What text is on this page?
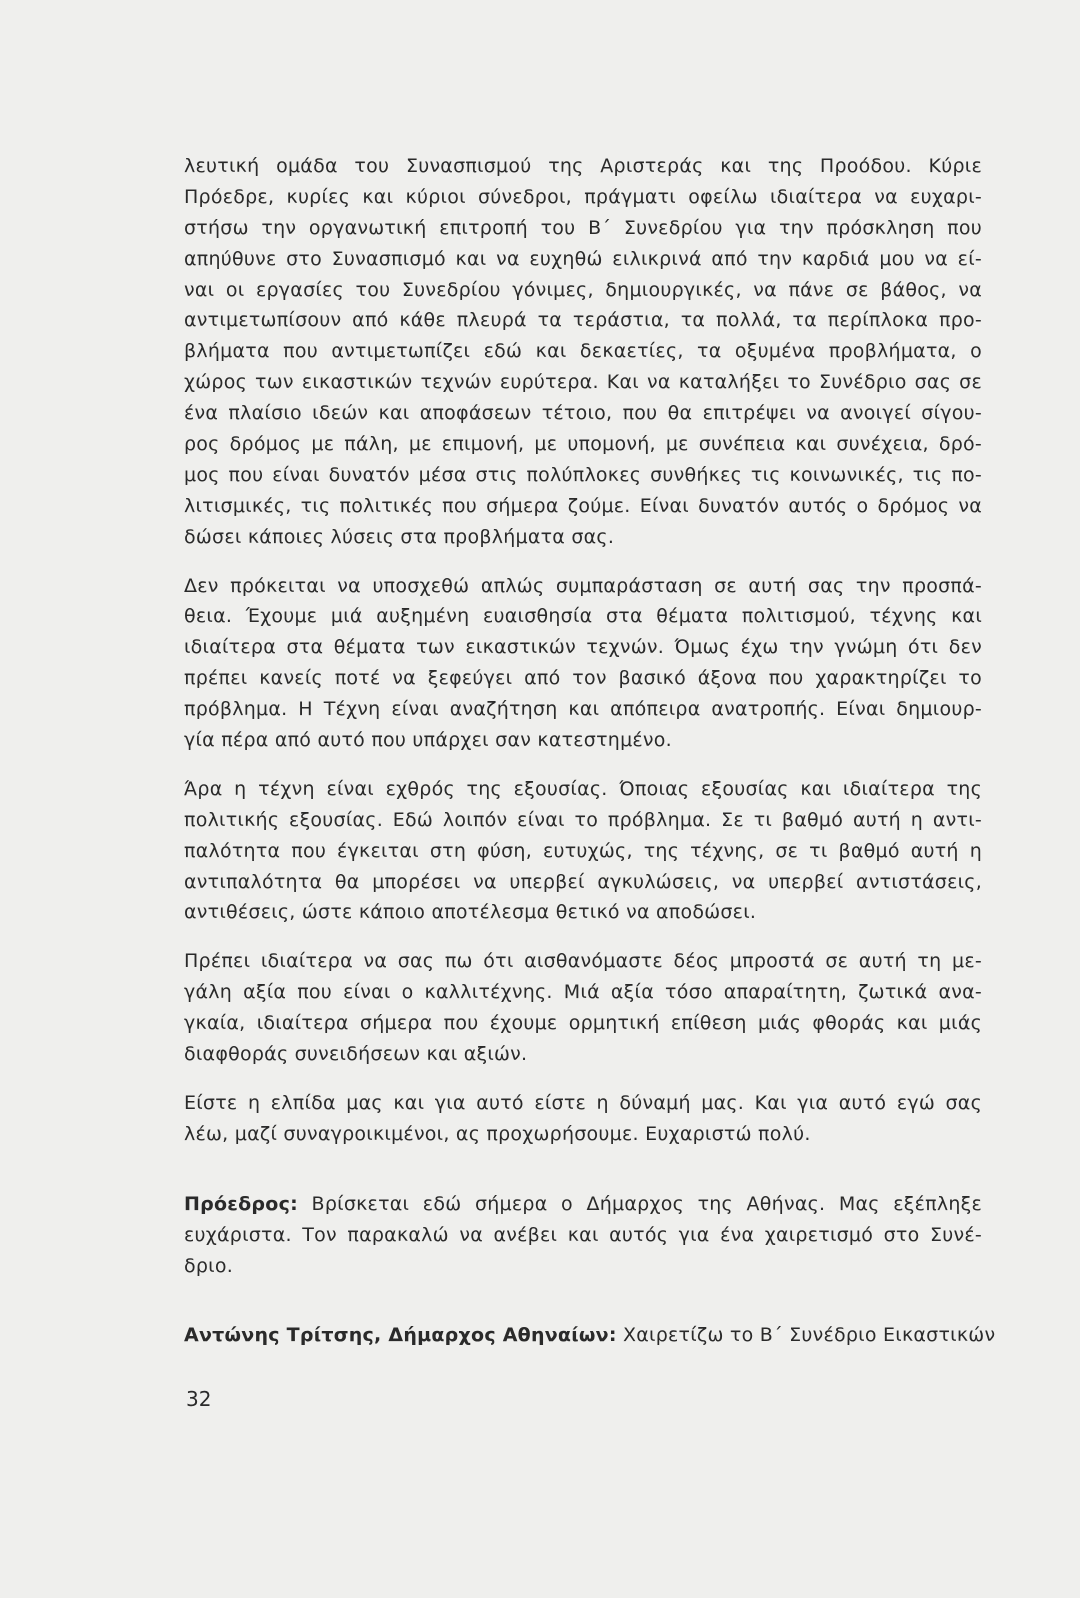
λευτική ομάδα του Συνασπισμού της Αριστεράς και της Προόδου. Κύριε
Πρόεδρε, κυρίες και κύριοι σύνεδροι, πράγματι οφείλω ιδιαίτερα να ευχαρι-
στήσω την οργανωτική επιτροπή του Β΄ Συνεδρίου για την πρόσκληση που
απηύθυνε στο Συνασπισμό και να ευχηθώ ειλικρινά από την καρδιά μου να εί-
ναι οι εργασίες του Συνεδρίου γόνιμες, δημιουργικές, να πάνε σε βάθος, να
αντιμετωπίσουν από κάθε πλευρά τα τεράστια, τα πολλά, τα περίπλοκα προ-
βλήματα που αντιμετωπίζει εδώ και δεκαετίες, τα οξυμένα προβλήματα, ο
χώρος των εικαστικών τεχνών ευρύτερα. Και να καταλήξει το Συνέδριο σας σε
ένα πλαίσιο ιδεών και αποφάσεων τέτοιο, που θα επιτρέψει να ανοιγεί σίγου-
ρος δρόμος με πάλη, με επιμονή, με υπομονή, με συνέπεια και συνέχεια, δρό-
μος που είναι δυνατόν μέσα στις πολύπλοκες συνθήκες τις κοινωνικές, τις πο-
λιτισμικές, τις πολιτικές που σήμερα ζούμε. Είναι δυνατόν αυτός ο δρόμος να
δώσει κάποιες λύσεις στα προβλήματα σας.
Δεν πρόκειται να υποσχεθώ απλώς συμπαράσταση σε αυτή σας την προσπά-
θεια. Έχουμε μιά αυξημένη ευαισθησία στα θέματα πολιτισμού, τέχνης και
ιδιαίτερα στα θέματα των εικαστικών τεχνών. Όμως έχω την γνώμη ότι δεν
πρέπει κανείς ποτέ να ξεφεύγει από τον βασικό άξονα που χαρακτηρίζει το
πρόβλημα. Η Τέχνη είναι αναζήτηση και απόπειρα ανατροπής. Είναι δημιουρ-
γία πέρα από αυτό που υπάρχει σαν κατεστημένο.
Άρα η τέχνη είναι εχθρός της εξουσίας. Όποιας εξουσίας και ιδιαίτερα της
πολιτικής εξουσίας. Εδώ λοιπόν είναι το πρόβλημα. Σε τι βαθμό αυτή η αντι-
παλότητα που έγκειται στη φύση, ευτυχώς, της τέχνης, σε τι βαθμό αυτή η
αντιπαλότητα θα μπορέσει να υπερβεί αγκυλώσεις, να υπερβεί αντιστάσεις,
αντιθέσεις, ώστε κάποιο αποτέλεσμα θετικό να αποδώσει.
Πρέπει ιδιαίτερα να σας πω ότι αισθανόμαστε δέος μπροστά σε αυτή τη με-
γάλη αξία που είναι ο καλλιτέχνης. Μιά αξία τόσο απαραίτητη, ζωτικά ανα-
γκαία, ιδιαίτερα σήμερα που έχουμε ορμητική επίθεση μιάς φθοράς και μιάς
διαφθοράς συνειδήσεων και αξιών.
Είστε η ελπίδα μας και για αυτό είστε η δύναμή μας. Και για αυτό εγώ σας
λέω, μαζί συναγροικιμένοι, ας προχωρήσουμε. Ευχαριστώ πολύ.
Πρόεδρος: Βρίσκεται εδώ σήμερα ο Δήμαρχος της Αθήνας. Μας εξέπληξε
ευχάριστα. Τον παρακαλώ να ανέβει και αυτός για ένα χαιρετισμό στο Συνέ-
δριο.
Αντώνης Τρίτσης, Δήμαρχος Αθηναίων: Χαιρετίζω το Β΄ Συνέδριο Εικαστικών
32
